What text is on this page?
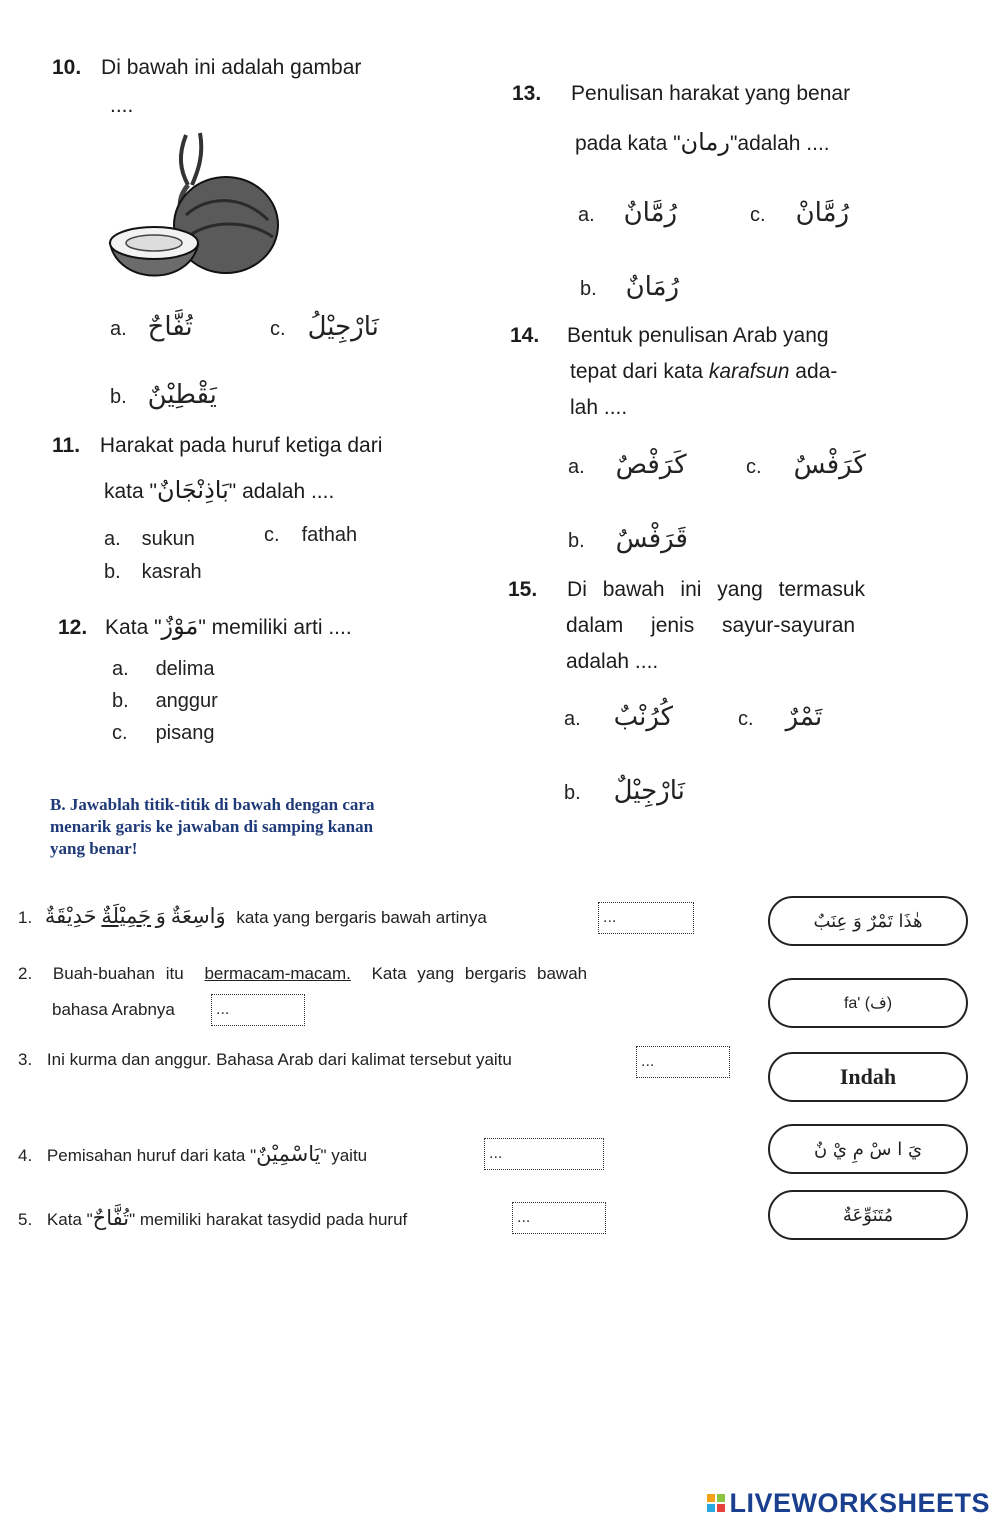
10. Di bawah ini adalah gambar
....
a. تُفَّاحٌ	c. نَارْجِيْلُ
b. يَقْطِيْنٌ
11. Harakat pada huruf ketiga dari
kata "بَاذِنْجَانٌ" adalah ....
a. sukun	c. fathah
b. kasrah
12. Kata "مَوْزٌ" memiliki arti ....
a. delima
b. anggur
c. pisang
13. Penulisan harakat yang benar
pada kata "رمان"adalah ....
a. رُمَّانٌ	c. رُمَّانْ
b. رُمَانٌ
14. Bentuk penulisan Arab yang
tepat dari kata karafsun ada-
lah ....
a. كَرَفْصٌ	c. كَرَفْسٌ
b. قَرَفْسٌ
15. Di bawah ini yang termasuk
dalam jenis sayur-sayuran
adalah ....
a. كُرُنْبٌ	c. تَمْرٌ
b. نَارْجِيْلٌ
B. Jawablah titik-titik di bawah dengan cara
menarik garis ke jawaban di samping kanan
yang benar!
1. حَدِيْقَةٌ جَمِيْلَةٌ وَ وَاسِعَةٌ kata yang bergaris bawah artinya	...
2. Buah-buahan itu bermacam-macam. Kata yang bergaris bawah
bahasa Arabnya	...
3. Ini kurma dan anggur. Bahasa Arab dari kalimat tersebut yaitu	...
4. Pemisahan huruf dari kata "يَاسْمِيْنٌ" yaitu	...
5. Kata "تُفَّاحٌ" memiliki harakat tasydid pada huruf	...
هٰذَا تَمْرٌ وَ عِنَبٌ
fa' (ف)
Indah
يَ ا سْ مِ يْ نٌ
مُتَنَوِّعَةٌ
LIVEWORKSHEETS
